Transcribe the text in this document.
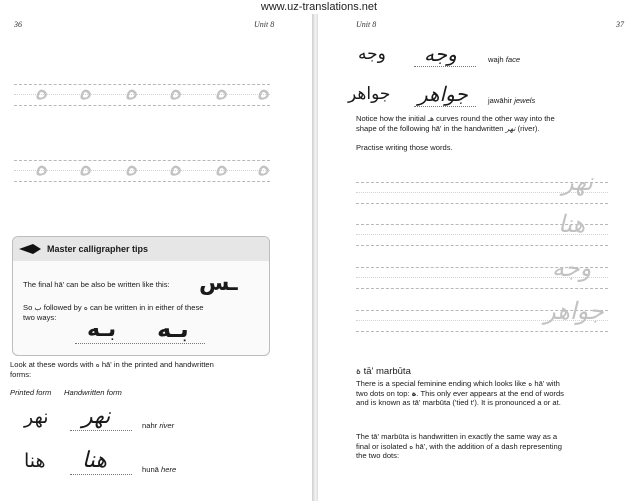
www.uz-translations.net
36	Unit 8
ه ه ه ه ه ه
ه ه ه ه ه ه
Master calligrapher tips
The final hā' can be also be written like this: ـس
So ب followed by ه can be written in in either of these
two ways: بـه بـه
Look at these words with ه hā' in the printed and handwritten
forms:
Printed form Handwritten form
نهر نهر	nahr river
هنا هنا	hunā here
Unit 8	37
وجه وجه	wajh face
جواهر جواهر	jawāhir jewels
Notice how the initial هـ curves round the other way into the
shape of the following hā' in the handwritten نهر (river).
Practise writing those words.
نهر
هنا
وجه
جواهر
ة tā' marbūta
There is a special feminine ending which looks like ه hā' with
two dots on top: ة. This only ever appears at the end of words
and is known as tā' marbūta ('tied t'). It is pronounced a or at.
The tā' marbūta is handwritten in exactly the same way as a
final or isolated ه hā', with the addition of a dash representing
the two dots:
